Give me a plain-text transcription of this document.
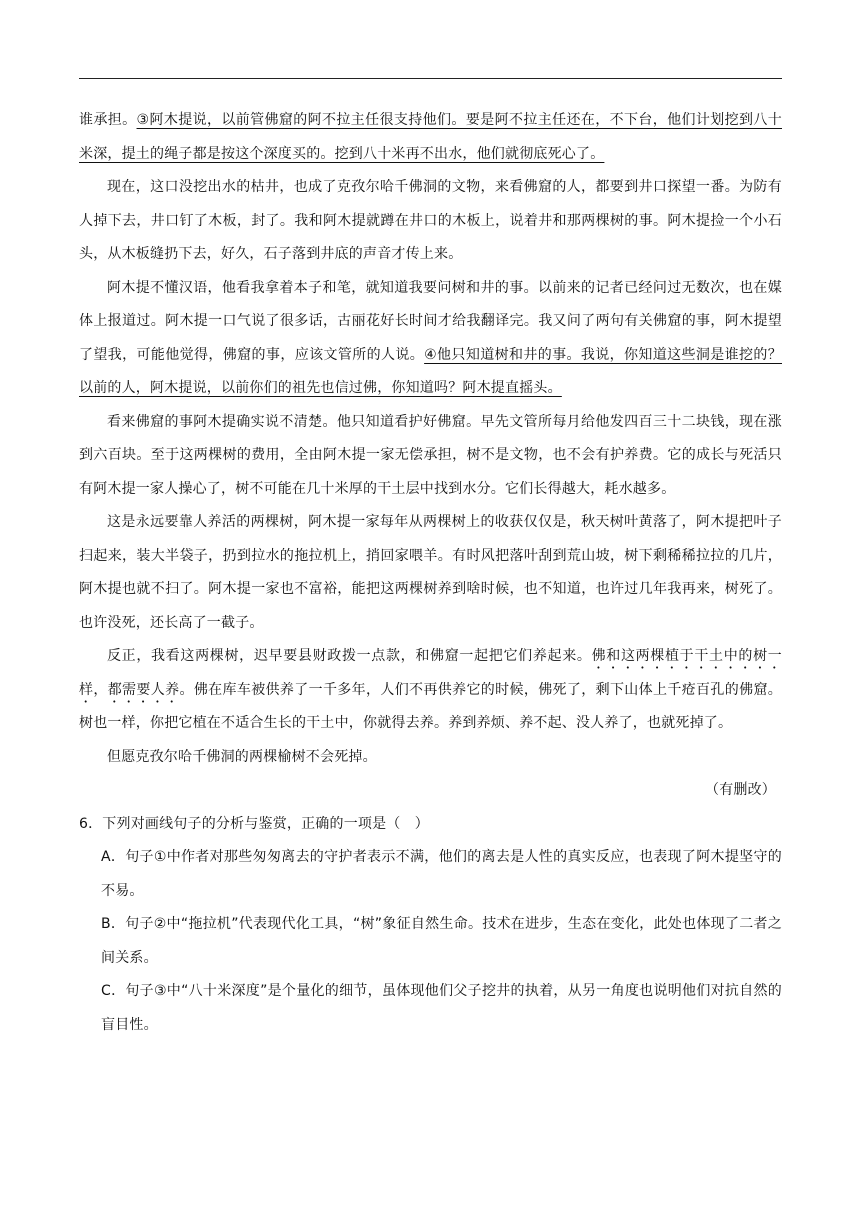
谁承担。③阿木提说，以前管佛窟的阿不拉主任很支持他们。要是阿不拉主任还在，不下台，他们计划挖到八十米深，提土的绳子都是按这个深度买的。挖到八十米再不出水，他们就彻底死心了。

现在，这口没挖出水的枯井，也成了克孜尔哈千佛洞的文物，来看佛窟的人，都要到井口探望一番。为防有人掉下去，井口钉了木板，封了。我和阿木提就蹲在井口的木板上，说着井和那两棵树的事。阿木提捡一个小石头，从木板缝扔下去，好久，石子落到井底的声音才传上来。

阿木提不懂汉语，他看我拿着本子和笔，就知道我要问树和井的事。以前来的记者已经问过无数次，也在媒体上报道过。阿木提一口气说了很多话，古丽花好长时间才给我翻译完。我又问了两句有关佛窟的事，阿木提望了望我，可能他觉得，佛窟的事，应该文管所的人说。④他只知道树和井的事。我说，你知道这些洞是谁挖的？以前的人，阿木提说，以前你们的祖先也信过佛，你知道吗？阿木提直摇头。

看来佛窟的事阿木提确实说不清楚。他只知道看护好佛窟。早先文管所每月给他发四百三十二块钱，现在涨到六百块。至于这两棵树的费用，全由阿木提一家无偿承担，树不是文物，也不会有护养费。它的成长与死活只有阿木提一家人操心了，树不可能在几十米厚的干土层中找到水分。它们长得越大，耗水越多。

这是永远要靠人养活的两棵树，阿木提一家每年从两棵树上的收获仅仅是，秋天树叶黄落了，阿木提把叶子扫起来，装大半袋子，扔到拉水的拖拉机上，捎回家喂羊。有时风把落叶刮到荒山坡，树下剩稀稀拉拉的几片，阿木提也就不扫了。阿木提一家也不富裕，能把这两棵树养到啥时候，也不知道，也许过几年我再来，树死了。也许没死，还长高了一截子。

反正，我看这两棵树，迟早要县财政拨一点款，和佛窟一起把它们养起来。佛和这两棵植于干土中的树一样，都需要人养。佛在库车被供养了一千多年，人们不再供养它的时候，佛死了，剩下山体上千疮百孔的佛窟。树也一样，你把它植在不适合生长的干土中，你就得去养。养到养烦、养不起、没人养了，也就死掉了。

但愿克孜尔哈千佛洞的两棵榆树不会死掉。

（有删改）

6．下列对画线句子的分析与鉴赏，正确的一项是（　）

A．句子①中作者对那些匆匆离去的守护者表示不满，他们的离去是人性的真实反应，也表现了阿木提坚守的不易。

B．句子②中“拖拉机”代表现代化工具，“树”象征自然生命。技术在进步，生态在变化，此处也体现了二者之间关系。

C．句子③中“八十米深度”是个量化的细节，虽体现他们父子挖井的执着，从另一角度也说明他们对抗自然的盲目性。
